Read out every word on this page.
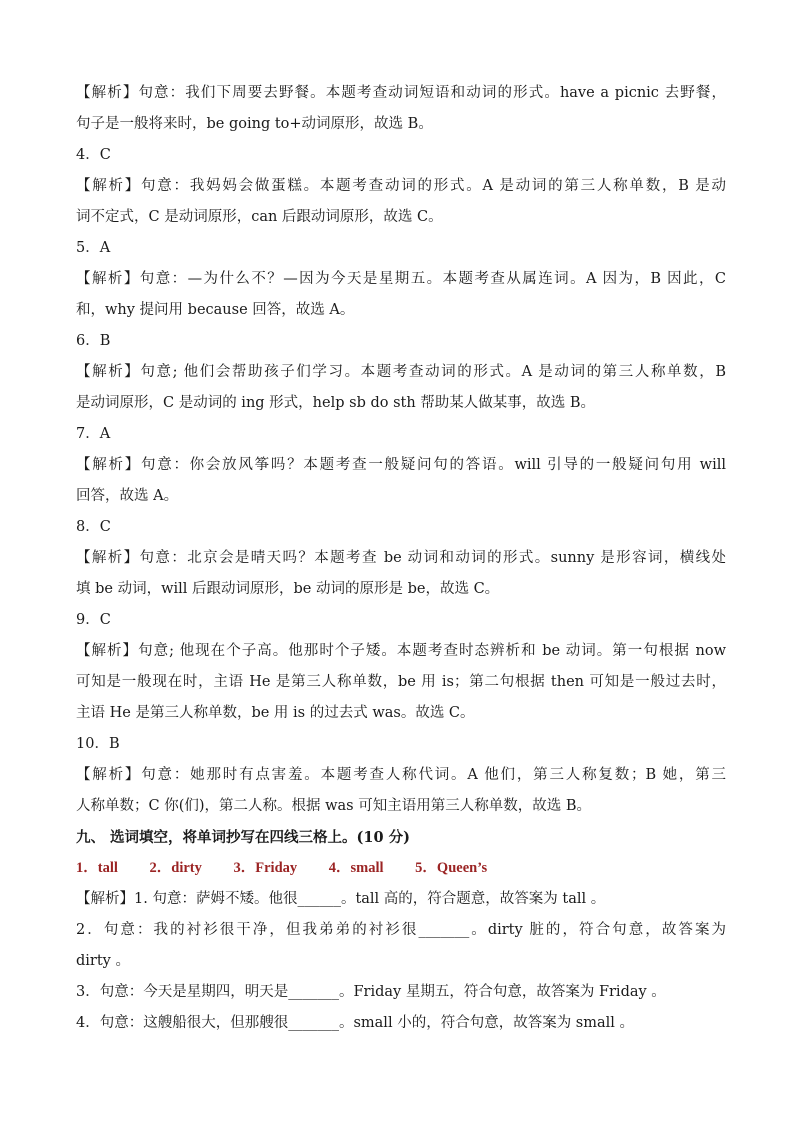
【解析】句意：我们下周要去野餐。本题考查动词短语和动词的形式。have a picnic 去野餐，
句子是一般将来时，be going to+动词原形，故选 B。
4．C
【解析】句意：我妈妈会做蛋糕。本题考查动词的形式。A 是动词的第三人称单数，B 是动
词不定式，C 是动词原形，can 后跟动词原形，故选 C。
5．A
【解析】句意：—为什么不？—因为今天是星期五。本题考查从属连词。A 因为，B 因此，C
和，why 提问用 because 回答，故选 A。
6．B
【解析】句意; 他们会帮助孩子们学习。本题考查动词的形式。A 是动词的第三人称单数，B
是动词原形，C 是动词的 ing 形式，help sb do sth 帮助某人做某事，故选 B。
7．A
【解析】句意：你会放风筝吗？本题考查一般疑问句的答语。will 引导的一般疑问句用 will
回答，故选 A。
8．C
【解析】句意：北京会是晴天吗？本题考查 be 动词和动词的形式。sunny 是形容词，横线处
填 be 动词，will 后跟动词原形，be 动词的原形是 be，故选 C。
9．C
【解析】句意; 他现在个子高。他那时个子矮。本题考查时态辨析和 be 动词。第一句根据 now
可知是一般现在时，主语 He 是第三人称单数，be 用 is；第二句根据 then 可知是一般过去时，
主语 He 是第三人称单数，be 用 is 的过去式 was。故选 C。
10．B
【解析】句意：她那时有点害羞。本题考查人称代词。A 他们，第三人称复数；B 她，第三
人称单数；C 你(们)，第二人称。根据 was 可知主语用第三人称单数，故选 B。
九、 选词填空，将单词抄写在四线三格上。(10 分)
1．tall 2．dirty 3．Friday 4．small 5．Queen’s
【解析】1. 句意：萨姆不矮。他很______。tall 高的，符合题意，故答案为 tall 。
2．句意：我的衬衫很干净，但我弟弟的衬衫很_______。dirty 脏的，符合句意，故答案为
dirty 。
3．句意：今天是星期四，明天是_______。Friday 星期五，符合句意，故答案为 Friday 。
4．句意：这艘船很大，但那艘很_______。small 小的，符合句意，故答案为 small 。
